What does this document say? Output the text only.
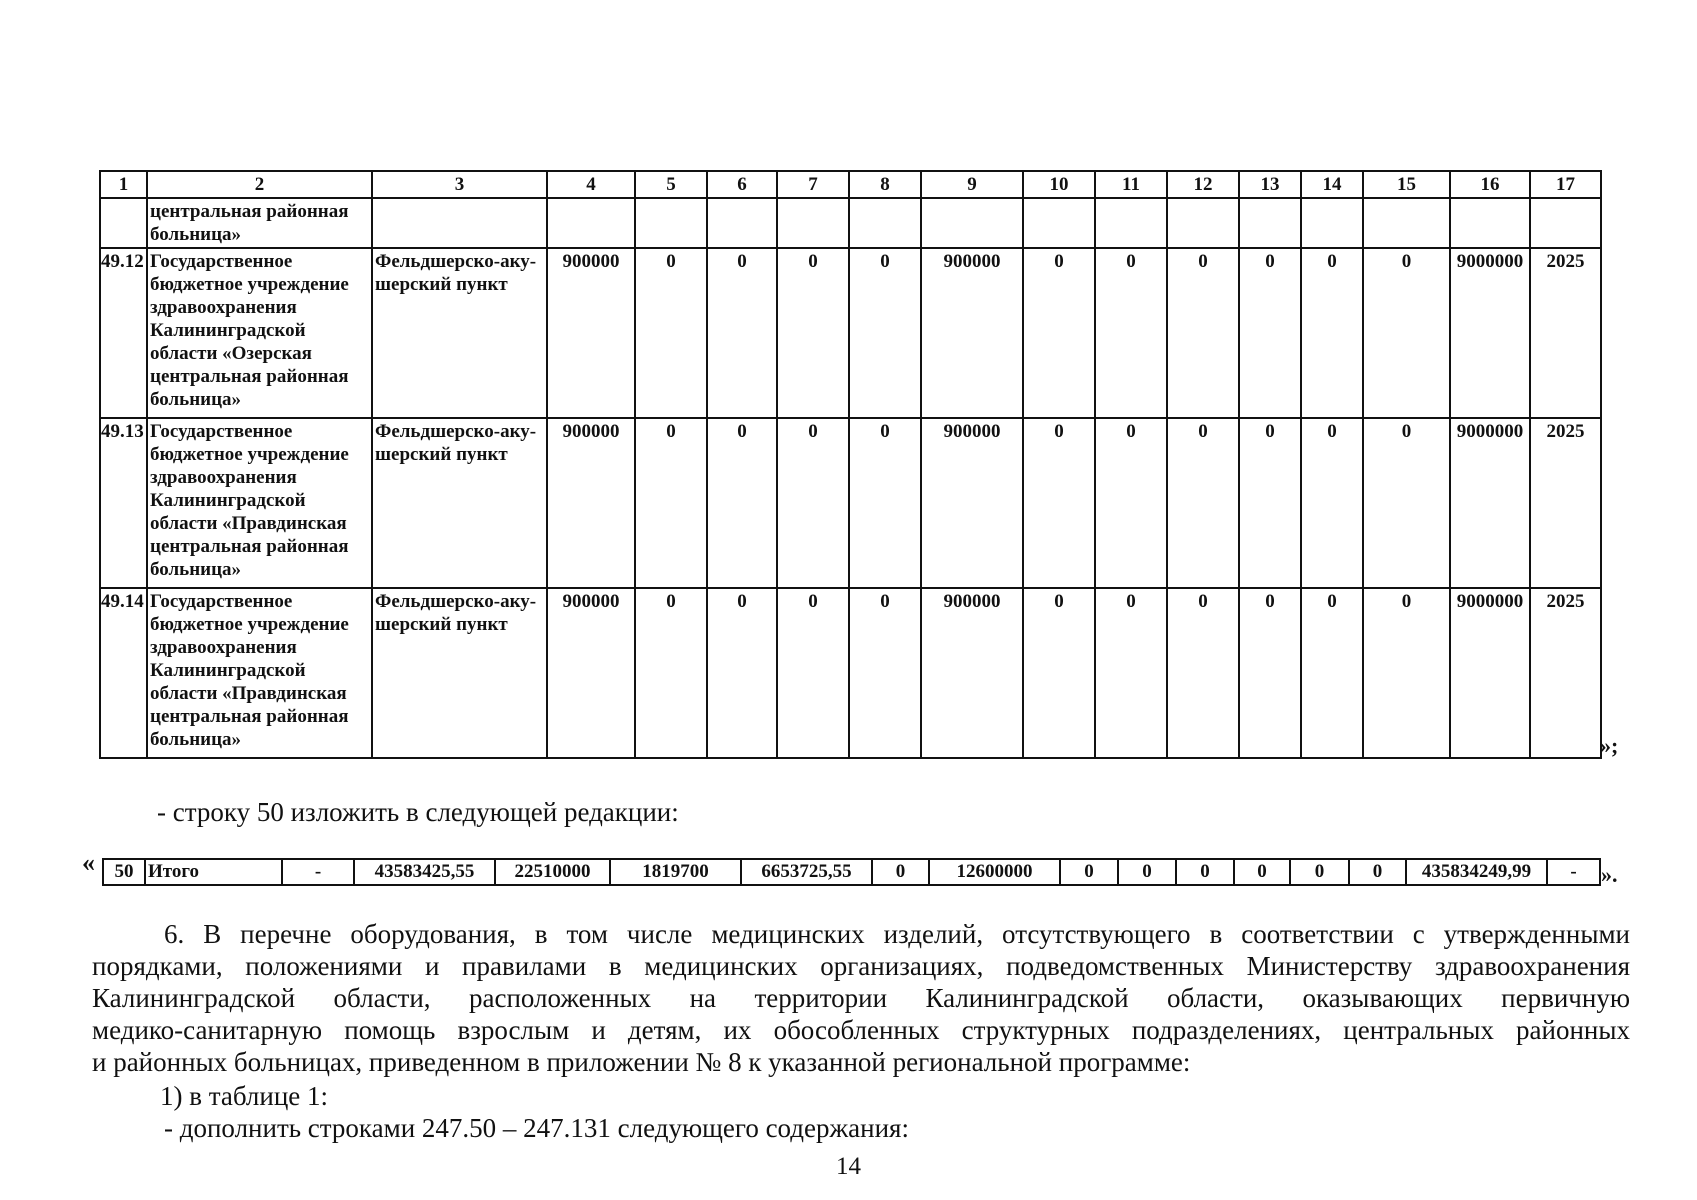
1	2	3	4	5	6	7	8	9	10	11	12	13	14	15	16	17
	центральная районная больница»															
49.12	Государственное бюджетное учреждение здравоохранения Калининградской области «Озерская центральная районная больница»	Фельдшерско-аку-шерский пункт	900000	0	0	0	0	900000	0	0	0	0	0	0	9000000	2025
49.13	Государственное бюджетное учреждение здравоохранения Калининградской области «Правдинская центральная районная больница»	Фельдшерско-аку-шерский пункт	900000	0	0	0	0	900000	0	0	0	0	0	0	9000000	2025
49.14	Государственное бюджетное учреждение здравоохранения Калининградской области «Правдинская центральная районная больница»	Фельдшерско-аку-шерский пункт	900000	0	0	0	0	900000	0	0	0	0	0	0	9000000	2025
»;
- строку 50 изложить в следующей редакции:
« 50	Итого	-	43583425,55	22510000	1819700	6653725,55	0	12600000	0	0	0	0	0	0	435834249,99	- ».
6. В перечне оборудования, в том числе медицинских изделий, отсутствующего в соответствии с утвержденными
порядками, положениями и правилами в медицинских организациях, подведомственных Министерству здравоохранения
Калининградской области, расположенных на территории Калининградской области, оказывающих первичную
медико-санитарную помощь взрослым и детям, их обособленных структурных подразделениях, центральных районных
и районных больницах, приведенном в приложении № 8 к указанной региональной программе:
1) в таблице 1:
- дополнить строками 247.50 – 247.131 следующего содержания:
14
